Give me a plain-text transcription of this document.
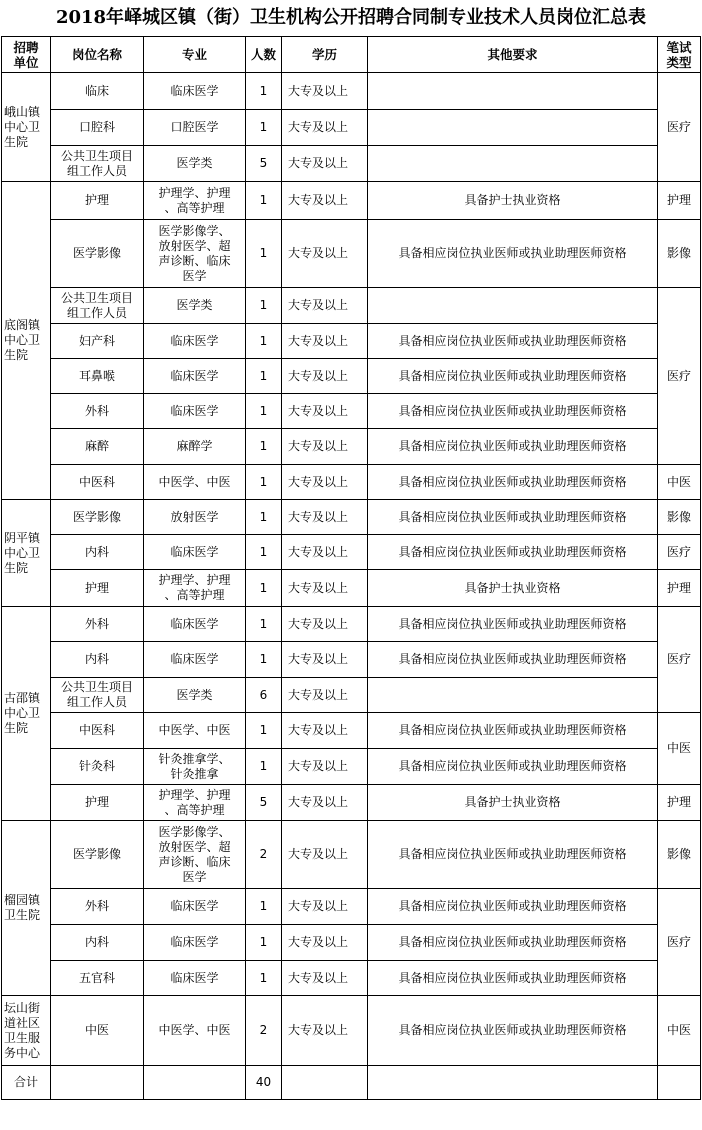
2018年峄城区镇（街）卫生机构公开招聘合同制专业技术人员岗位汇总表
招聘
单位	岗位名称	专业	人数	学历	其他要求	笔试
类型
峨山镇
中心卫
生院	临床	临床医学	1	大专及以上		医疗
	口腔科	口腔医学	1	大专及以上		
	公共卫生项目
组工作人员	医学类	5	大专及以上		
底阁镇
中心卫
生院	护理	护理学、护理
、高等护理	1	大专及以上	具备护士执业资格	护理
	医学影像	医学影像学、
放射医学、超
声诊断、临床
医学	1	大专及以上	具备相应岗位执业医师或执业助理医师资格	影像
	公共卫生项目
组工作人员	医学类	1	大专及以上		医疗
	妇产科	临床医学	1	大专及以上	具备相应岗位执业医师或执业助理医师资格	
	耳鼻喉	临床医学	1	大专及以上	具备相应岗位执业医师或执业助理医师资格	
	外科	临床医学	1	大专及以上	具备相应岗位执业医师或执业助理医师资格	
	麻醉	麻醉学	1	大专及以上	具备相应岗位执业医师或执业助理医师资格	
	中医科	中医学、中医	1	大专及以上	具备相应岗位执业医师或执业助理医师资格	中医
阴平镇
中心卫
生院	医学影像	放射医学	1	大专及以上	具备相应岗位执业医师或执业助理医师资格	影像
	内科	临床医学	1	大专及以上	具备相应岗位执业医师或执业助理医师资格	医疗
	护理	护理学、护理
、高等护理	1	大专及以上	具备护士执业资格	护理
古邵镇
中心卫
生院	外科	临床医学	1	大专及以上	具备相应岗位执业医师或执业助理医师资格	医疗
	内科	临床医学	1	大专及以上	具备相应岗位执业医师或执业助理医师资格	
	公共卫生项目
组工作人员	医学类	6	大专及以上		
	中医科	中医学、中医	1	大专及以上	具备相应岗位执业医师或执业助理医师资格	中医
	针灸科	针灸推拿学、
针灸推拿	1	大专及以上	具备相应岗位执业医师或执业助理医师资格	
	护理	护理学、护理
、高等护理	5	大专及以上	具备护士执业资格	护理
榴园镇
卫生院	医学影像	医学影像学、
放射医学、超
声诊断、临床
医学	2	大专及以上	具备相应岗位执业医师或执业助理医师资格	影像
	外科	临床医学	1	大专及以上	具备相应岗位执业医师或执业助理医师资格	医疗
	内科	临床医学	1	大专及以上	具备相应岗位执业医师或执业助理医师资格	
	五官科	临床医学	1	大专及以上	具备相应岗位执业医师或执业助理医师资格	
坛山街
道社区
卫生服
务中心	中医	中医学、中医	2	大专及以上	具备相应岗位执业医师或执业助理医师资格	中医
合计			40			
